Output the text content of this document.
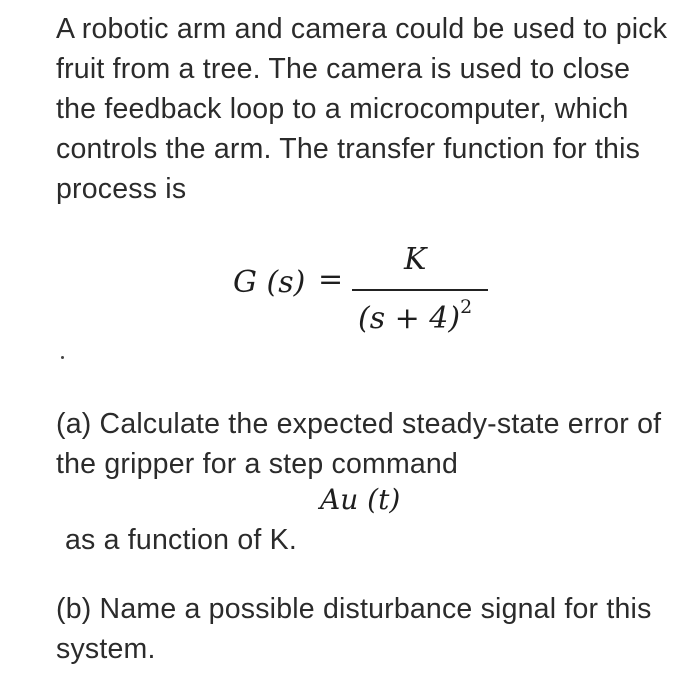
A robotic arm and camera could be used to pick fruit from a tree. The camera is used to close the feedback loop to a microcomputer, which controls the arm. The transfer function for this process is

G (s) =
K
$(s + 4)^2$

(a) Calculate the expected steady-state error of the gripper for a step command

Au (t)

as a function of K.

(b) Name a possible disturbance signal for this system.
